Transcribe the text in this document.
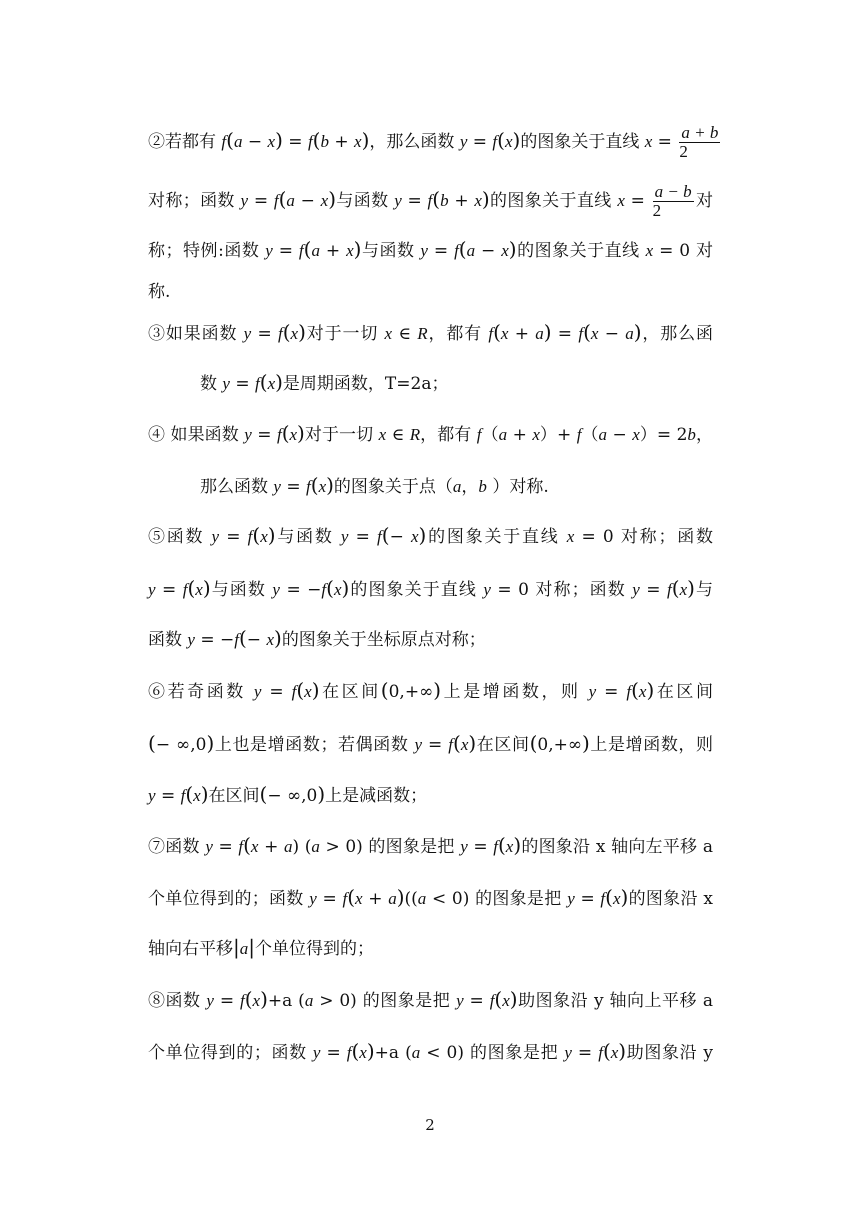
②若都有 f(a − x) = f(b + x)，那么函数 y = f(x)的图象关于直线 $x = \frac{a + b}{2}$
对称；函数 y = f(a − x)与函数 y = f(b + x)的图象关于直线 $x = \frac{a - b}{2}$ 对
称；特例:函数 y = f(a + x)与函数 y = f(a − x)的图象关于直线 x = 0 对
称.
③如果函数 y = f(x)对于一切 x ∈ R，都有 f(x + a) = f(x − a)，那么函
数 y = f(x)是周期函数，T=2a；
④ 如果函数 y = f(x)对于一切 x ∈ R，都有 f（a + x）+ f（a − x）= 2b，
那么函数 y = f(x)的图象关于点（a，b ）对称.
⑤函数 y = f(x)与函数 y = f(− x)的图象关于直线 x = 0 对称；函数
y = f(x)与函数 y = −f(x)的图象关于直线 y = 0 对称；函数 y = f(x)与
函数 y = −f(− x)的图象关于坐标原点对称；
⑥若奇函数 y = f(x)在区间(0,+∞)上是增函数，则 y = f(x)在区间
(− ∞,0)上也是增函数；若偶函数 y = f(x)在区间(0,+∞)上是增函数，则
y = f(x)在区间(− ∞,0)上是减函数；
⑦函数 y = f(x + a) (a > 0) 的图象是把 y = f(x)的图象沿 x 轴向左平移 a
个单位得到的；函数 y = f(x + a)((a < 0) 的图象是把 y = f(x)的图象沿 x
轴向右平移|a|个单位得到的；
⑧函数 y = f(x)+a (a > 0) 的图象是把 y = f(x)助图象沿 y 轴向上平移 a
个单位得到的；函数 y = f(x)+a (a < 0) 的图象是把 y = f(x)助图象沿 y
2
